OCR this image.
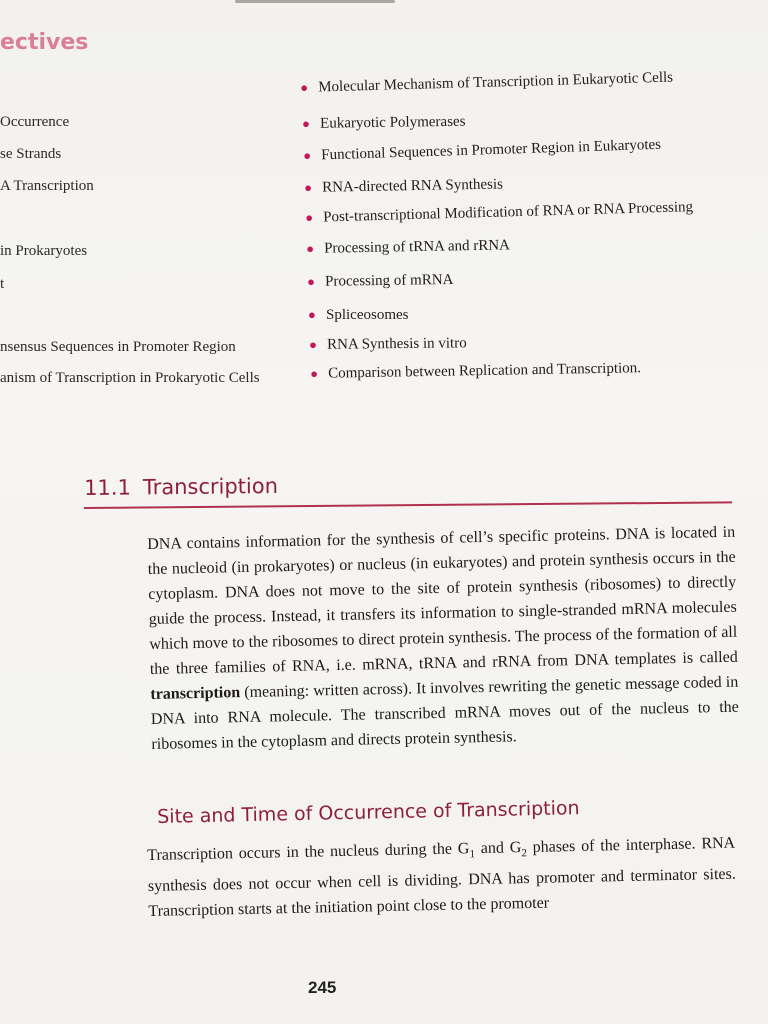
ectives
Occurrence
se Strands
A Transcription
in Prokaryotes
t
nsensus Sequences in Promoter Region
anism of Transcription in Prokaryotic Cells
● Molecular Mechanism of Transcription in Eukaryotic Cells
● Eukaryotic Polymerases
● Functional Sequences in Promoter Region in Eukaryotes
● RNA-directed RNA Synthesis
● Post-transcriptional Modification of RNA or RNA Processing
● Processing of tRNA and rRNA
● Processing of mRNA
● Spliceosomes
● RNA Synthesis in vitro
● Comparison between Replication and Transcription.
11.1 Transcription
DNA contains information for the synthesis of cell’s specific proteins. DNA is located in the nucleoid (in prokaryotes) or nucleus (in eukaryotes) and protein synthesis occurs in the cytoplasm. DNA does not move to the site of protein synthesis (ribosomes) to directly guide the process. Instead, it transfers its information to single-stranded mRNA molecules which move to the ribosomes to direct protein synthesis. The process of the formation of all the three families of RNA, i.e. mRNA, tRNA and rRNA from DNA templates is called transcription (meaning: written across). It involves rewriting the genetic message coded in DNA into RNA molecule. The transcribed mRNA moves out of the nucleus to the ribosomes in the cytoplasm and directs protein synthesis.
Site and Time of Occurrence of Transcription
Transcription occurs in the nucleus during the $G_1$ and $G_2$ phases of the interphase. RNA synthesis does not occur when cell is dividing. DNA has promoter and terminator sites. Transcription starts at the initiation point close to the promoter
245
